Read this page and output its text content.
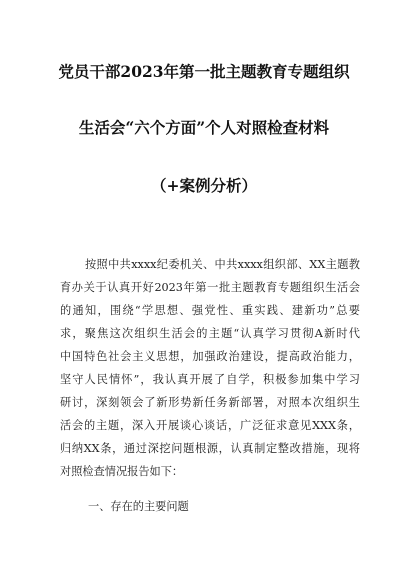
党员干部2023年第一批主题教育专题组织
生活会“六个方面”个人对照检查材料
（+案例分析）
按照中共xxxx纪委机关、中共xxxx组织部、XX主题教
育办关于认真开好2023年第一批主题教育专题组织生活会
的通知，围绕“学思想、强党性、重实践、建新功”总要
求，聚焦这次组织生活会的主题“认真学习贯彻A新时代
中国特色社会主义思想，加强政治建设，提高政治能力，
坚守人民情怀”，我认真开展了自学，积极参加集中学习
研讨，深刻领会了新形势新任务新部署，对照本次组织生
活会的主题，深入开展谈心谈话，广泛征求意见XXX条，
归纳XX条，通过深挖问题根源，认真制定整改措施，现将
对照检查情况报告如下：
一、存在的主要问题
